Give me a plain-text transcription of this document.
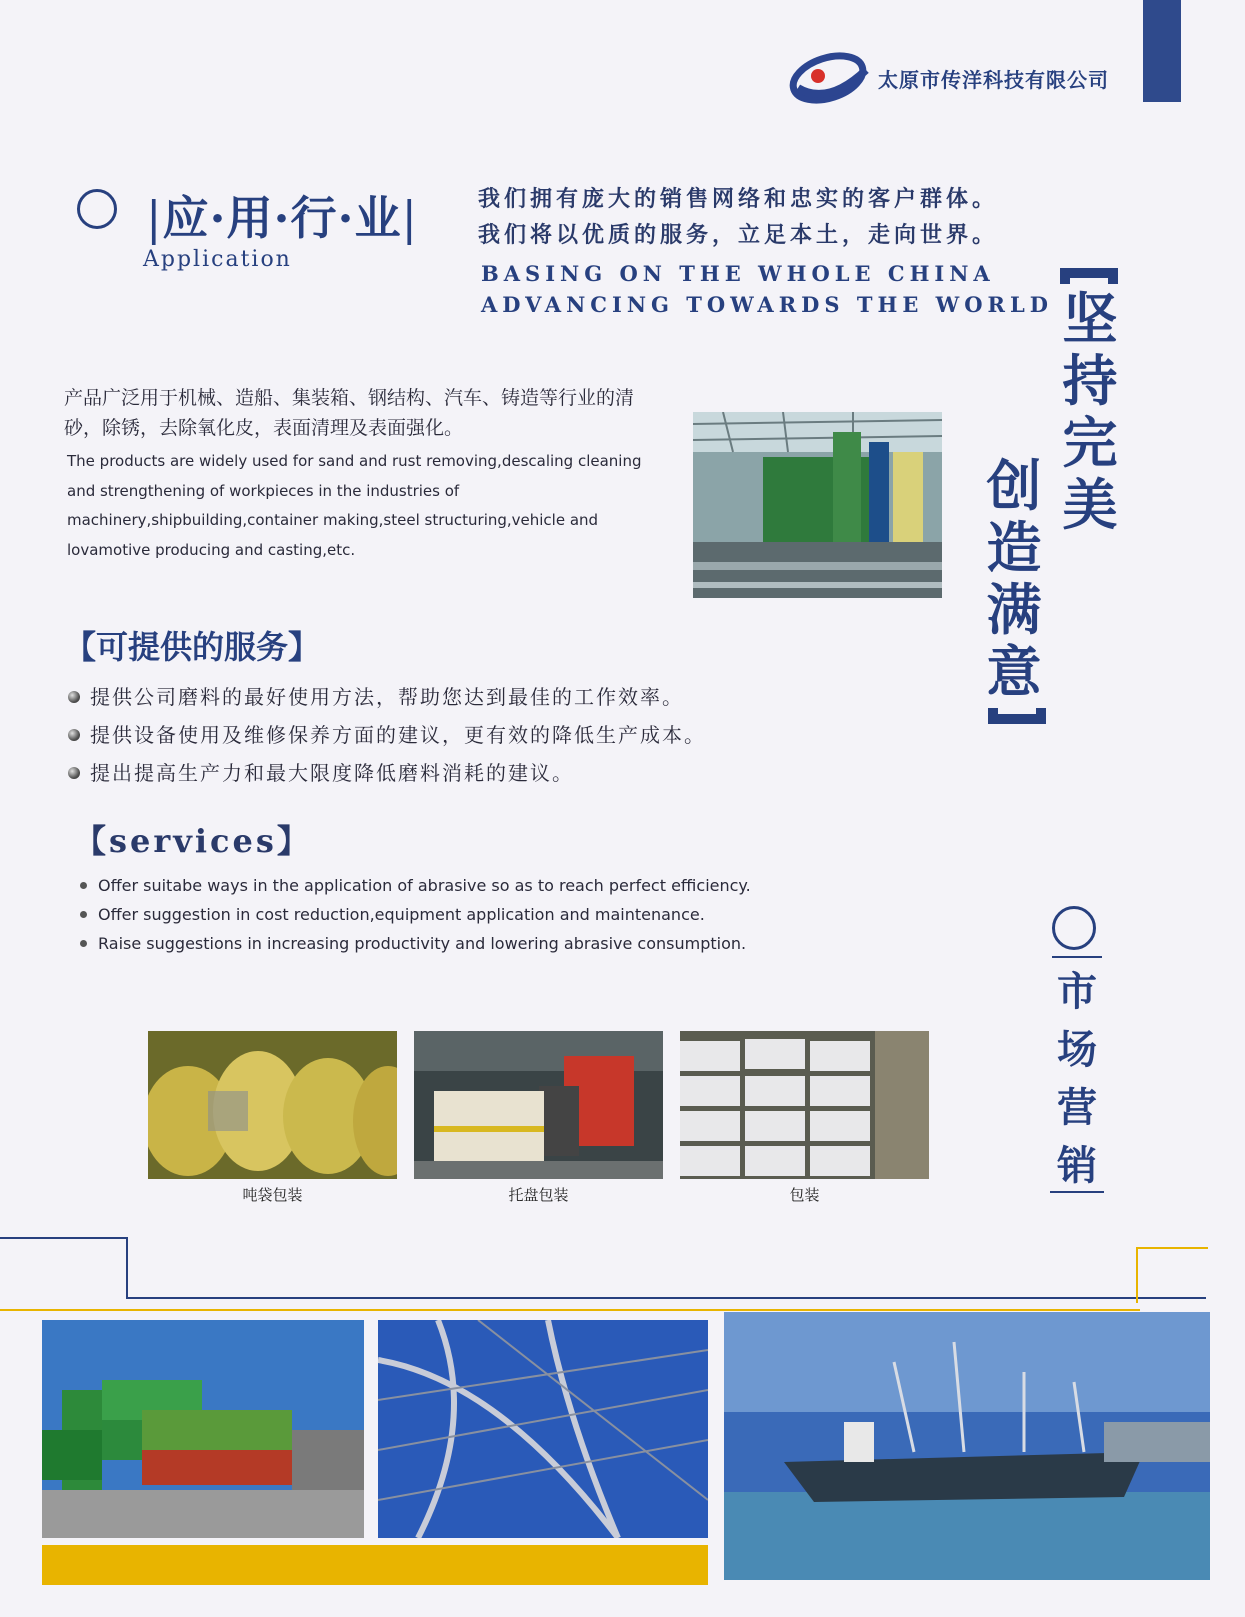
太原市传洋科技有限公司
|应·用·行·业|
Application
我们拥有庞大的销售网络和忠实的客户群体。
我们将以优质的服务，立足本土，走向世界。
BASING ON THE WHOLE CHINA
ADVANCING TOWARDS THE WORLD 坚
持
完
美
创
造
满
意
产品广泛用于机械、造船、集装箱、钢结构、汽车、铸造等行业的清砂，除锈，去除氧化皮，表面清理及表面强化。
The products are widely used for sand and rust removing,descaling cleaning and strengthening of workpieces in the industries of machinery,shipbuilding,container making,steel structuring,vehicle and lovamotive producing and casting,etc.
【可提供的服务】
提供公司磨料的最好使用方法，帮助您达到最佳的工作效率。
提供设备使用及维修保养方面的建议，更有效的降低生产成本。
提出提高生产力和最大限度降低磨料消耗的建议。
【services】
Offer suitabe ways in the application of abrasive so as to reach perfect efficiency.
Offer suggestion in cost reduction,equipment application and maintenance.
Raise suggestions in increasing productivity and lowering abrasive consumption.
市
场
营
销
吨袋包装	托盘包装	包装
